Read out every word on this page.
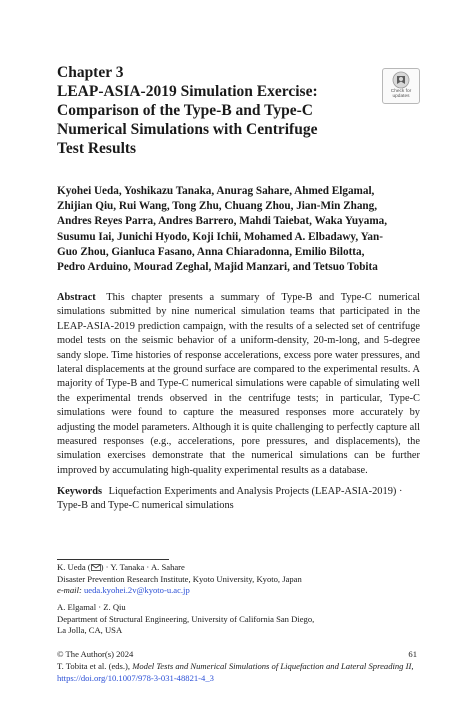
Chapter 3
LEAP-ASIA-2019 Simulation Exercise:
Comparison of the Type-B and Type-C
Numerical Simulations with Centrifuge
Test Results
Check for
updates
Kyohei Ueda, Yoshikazu Tanaka, Anurag Sahare, Ahmed Elgamal,
Zhijian Qiu, Rui Wang, Tong Zhu, Chuang Zhou, Jian-Min Zhang,
Andres Reyes Parra, Andres Barrero, Mahdi Taiebat, Waka Yuyama,
Susumu Iai, Junichi Hyodo, Koji Ichii, Mohamed A. Elbadawy, Yan-
Guo Zhou, Gianluca Fasano, Anna Chiaradonna, Emilio Bilotta,
Pedro Arduino, Mourad Zeghal, Majid Manzari, and Tetsuo Tobita
Abstract This chapter presents a summary of Type-B and Type-C numerical simulations submitted by nine numerical simulation teams that participated in the LEAP-ASIA-2019 prediction campaign, with the results of a selected set of centrifuge model tests on the seismic behavior of a uniform-density, 20-m-long, and 5-degree sandy slope. Time histories of response accelerations, excess pore water pressures, and lateral displacements at the ground surface are compared to the experimental results. A majority of Type-B and Type-C numerical simulations were capable of simulating well the experimental trends observed in the centrifuge tests; in particular, Type-C simulations were found to capture the measured responses more accurately by adjusting the model parameters. Although it is quite challenging to perfectly capture all measured responses (e.g., accelerations, pore pressures, and displacements), the simulation exercises demonstrate that the numerical simulations can be further improved by accumulating high-quality experimental results as a database.
Keywords Liquefaction Experiments and Analysis Projects (LEAP-ASIA-2019) · Type-B and Type-C numerical simulations
K. Ueda ( ) · Y. Tanaka · A. Sahare
Disaster Prevention Research Institute, Kyoto University, Kyoto, Japan
e-mail: ueda.kyohei.2v@kyoto-u.ac.jp
A. Elgamal · Z. Qiu
Department of Structural Engineering, University of California San Diego,
La Jolla, CA, USA
© The Author(s) 2024
T. Tobita et al. (eds.), Model Tests and Numerical Simulations of Liquefaction and Lateral Spreading II, https://doi.org/10.1007/978-3-031-48821-4_3
61
